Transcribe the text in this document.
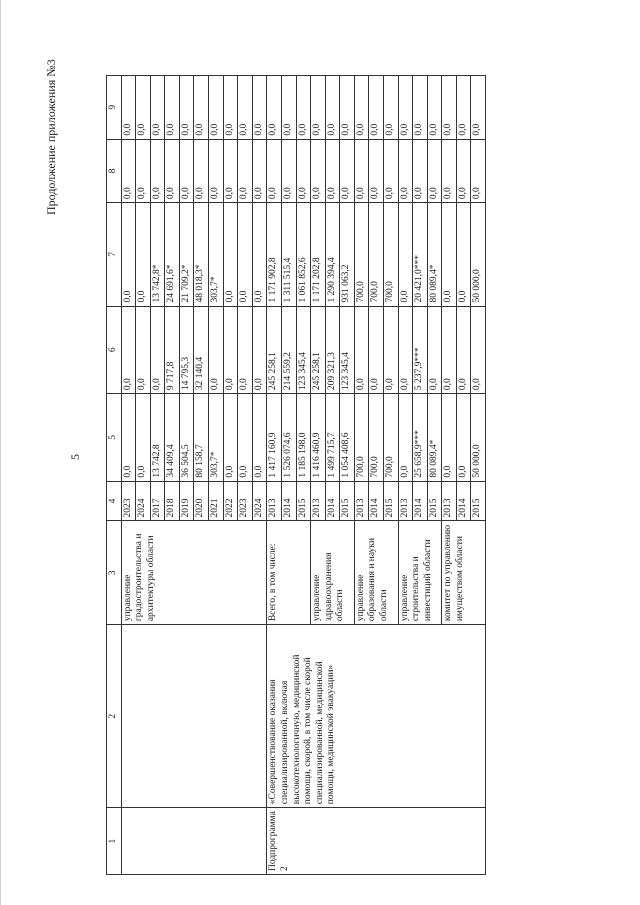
5
Продолжение приложения №3
1	2	3	4	5	6	7	8	9
		управление градостроительства и архитектуры области	2023	0,0	0,0	0,0	0,0	0,0
			2024	0,0	0,0	0,0	0,0	0,0
			2017	13 742,8	0,0	13 742,8*	0,0	0,0
			2018	34 409,4	9 717,8	24 691,6*	0,0	0,0
			2019	36 504,5	14 795,3	21 709,2*	0,0	0,0
			2020	80 158,7	32 140,4	48 018,3*	0,0	0,0
			2021	303,7*	0,0	303,7*	0,0	0,0
			2022	0,0	0,0	0,0	0,0	0,0
			2023	0,0	0,0	0,0	0,0	0,0
			2024	0,0	0,0	0,0	0,0	0,0
Подпрограмма 2	«Совершенствование оказания специализированной, включая высокотехнологичную, медицинской помощи, скорой, в том числе скорой специализированной, медицинской помощи, медицинской эвакуации»	Всего, в том числе:	2013	1 417 160,9	245 258,1	1 171 902,8	0,0	0,0
			2014	1 526 074,6	214 559,2	1 311 515,4	0,0	0,0
			2015	1 185 198,0	123 345,4	1 061 852,6	0,0	0,0
		управление здравоохранения области	2013	1 416 460,9	245 258,1	1 171 202,8	0,0	0,0
			2014	1 499 715,7	209 321,3	1 290 394,4	0,0	0,0
			2015	1 054 408,6	123 345,4	931 063,2	0,0	0,0
		управление образования и науки области	2013	700,0	0,0	700,0	0,0	0,0
			2014	700,0	0,0	700,0	0,0	0,0
			2015	700,0	0,0	700,0	0,0	0,0
		управление строительства и инвестиций области	2013	0,0	0,0	0,0	0,0	0,0
			2014	25 658,9***	5 237,9***	20 421,0***	0,0	0,0
			2015	80 089,4*	0,0	80 089,4*	0,0	0,0
		комитет по управлению имуществом области	2013	0,0	0,0	0,0	0,0	0,0
			2014	0,0	0,0	0,0	0,0	0,0
			2015	50 000,0	0,0	50 000,0	0,0	0,0
